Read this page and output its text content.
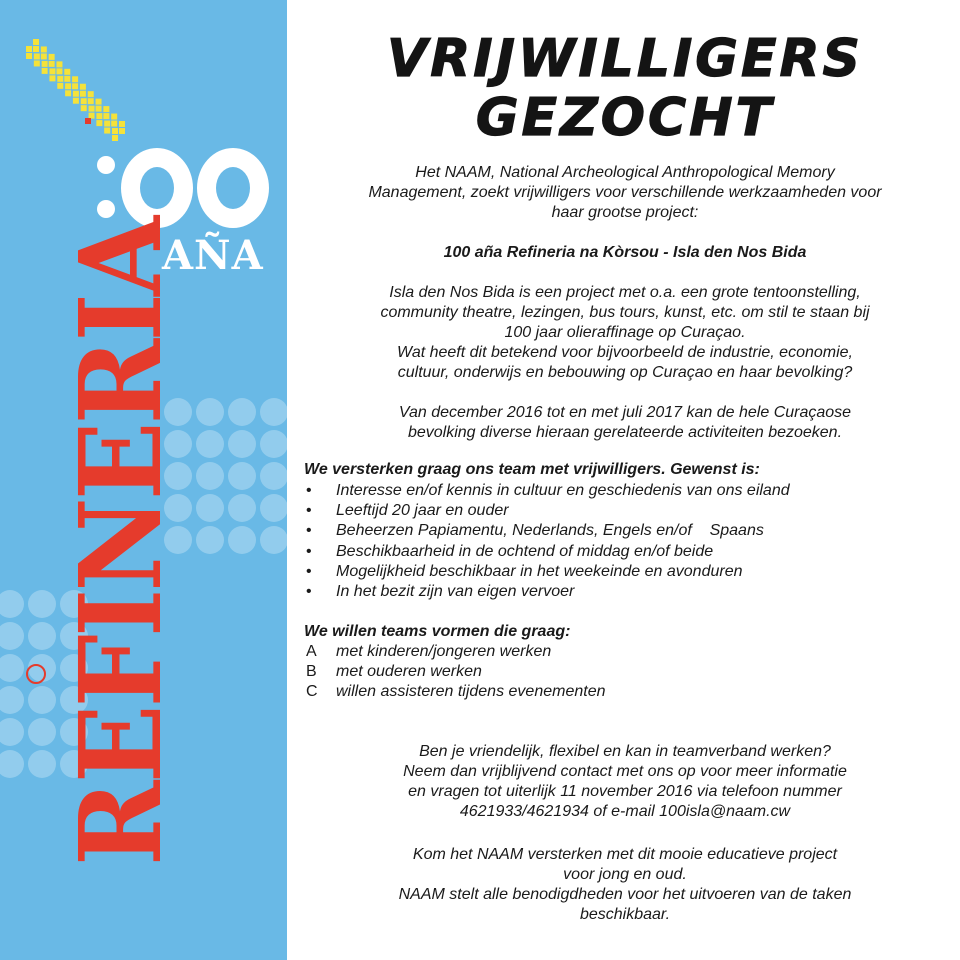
AÑA
REFINERIA
VRIJWILLIGERS
GEZOCHT
Het NAAM, National Archeological Anthropological Memory
Management, zoekt vrijwilligers voor verschillende werkzaamheden voor
haar grootse project:
100 aña Refineria na Kòrsou - Isla den Nos Bida
Isla den Nos Bida is een project met o.a. een grote tentoonstelling,
community theatre, lezingen, bus tours, kunst, etc. om stil te staan bij
100 jaar olieraffinage op Curaçao.
Wat heeft dit betekend voor bijvoorbeeld de industrie, economie,
cultuur, onderwijs en bebouwing op Curaçao en haar bevolking?
Van december 2016 tot en met juli 2017 kan de hele Curaçaose
bevolking diverse hieraan gerelateerde activiteiten bezoeken.
We versterken graag ons team met vrijwilligers. Gewenst is:
• Interesse en/of kennis in cultuur en geschiedenis van ons eiland
• Leeftijd 20 jaar en ouder
• Beheerzen Papiamentu, Nederlands, Engels en/of    Spaans
• Beschikbaarheid in de ochtend of middag en/of beide
• Mogelijkheid beschikbaar in het weekeinde en avonduren
• In het bezit zijn van eigen vervoer
We willen teams vormen die graag:
A met kinderen/jongeren werken
B met ouderen werken
C willen assisteren tijdens evenementen
Ben je vriendelijk, flexibel en kan in teamverband werken?
Neem dan vrijblijvend contact met ons op voor meer informatie
en vragen tot uiterlijk 11 november 2016 via telefoon nummer
4621933/4621934 of e-mail 100isla@naam.cw
Kom het NAAM versterken met dit mooie educatieve project
voor jong en oud.
NAAM stelt alle benodigdheden voor het uitvoeren van de taken
beschikbaar.
